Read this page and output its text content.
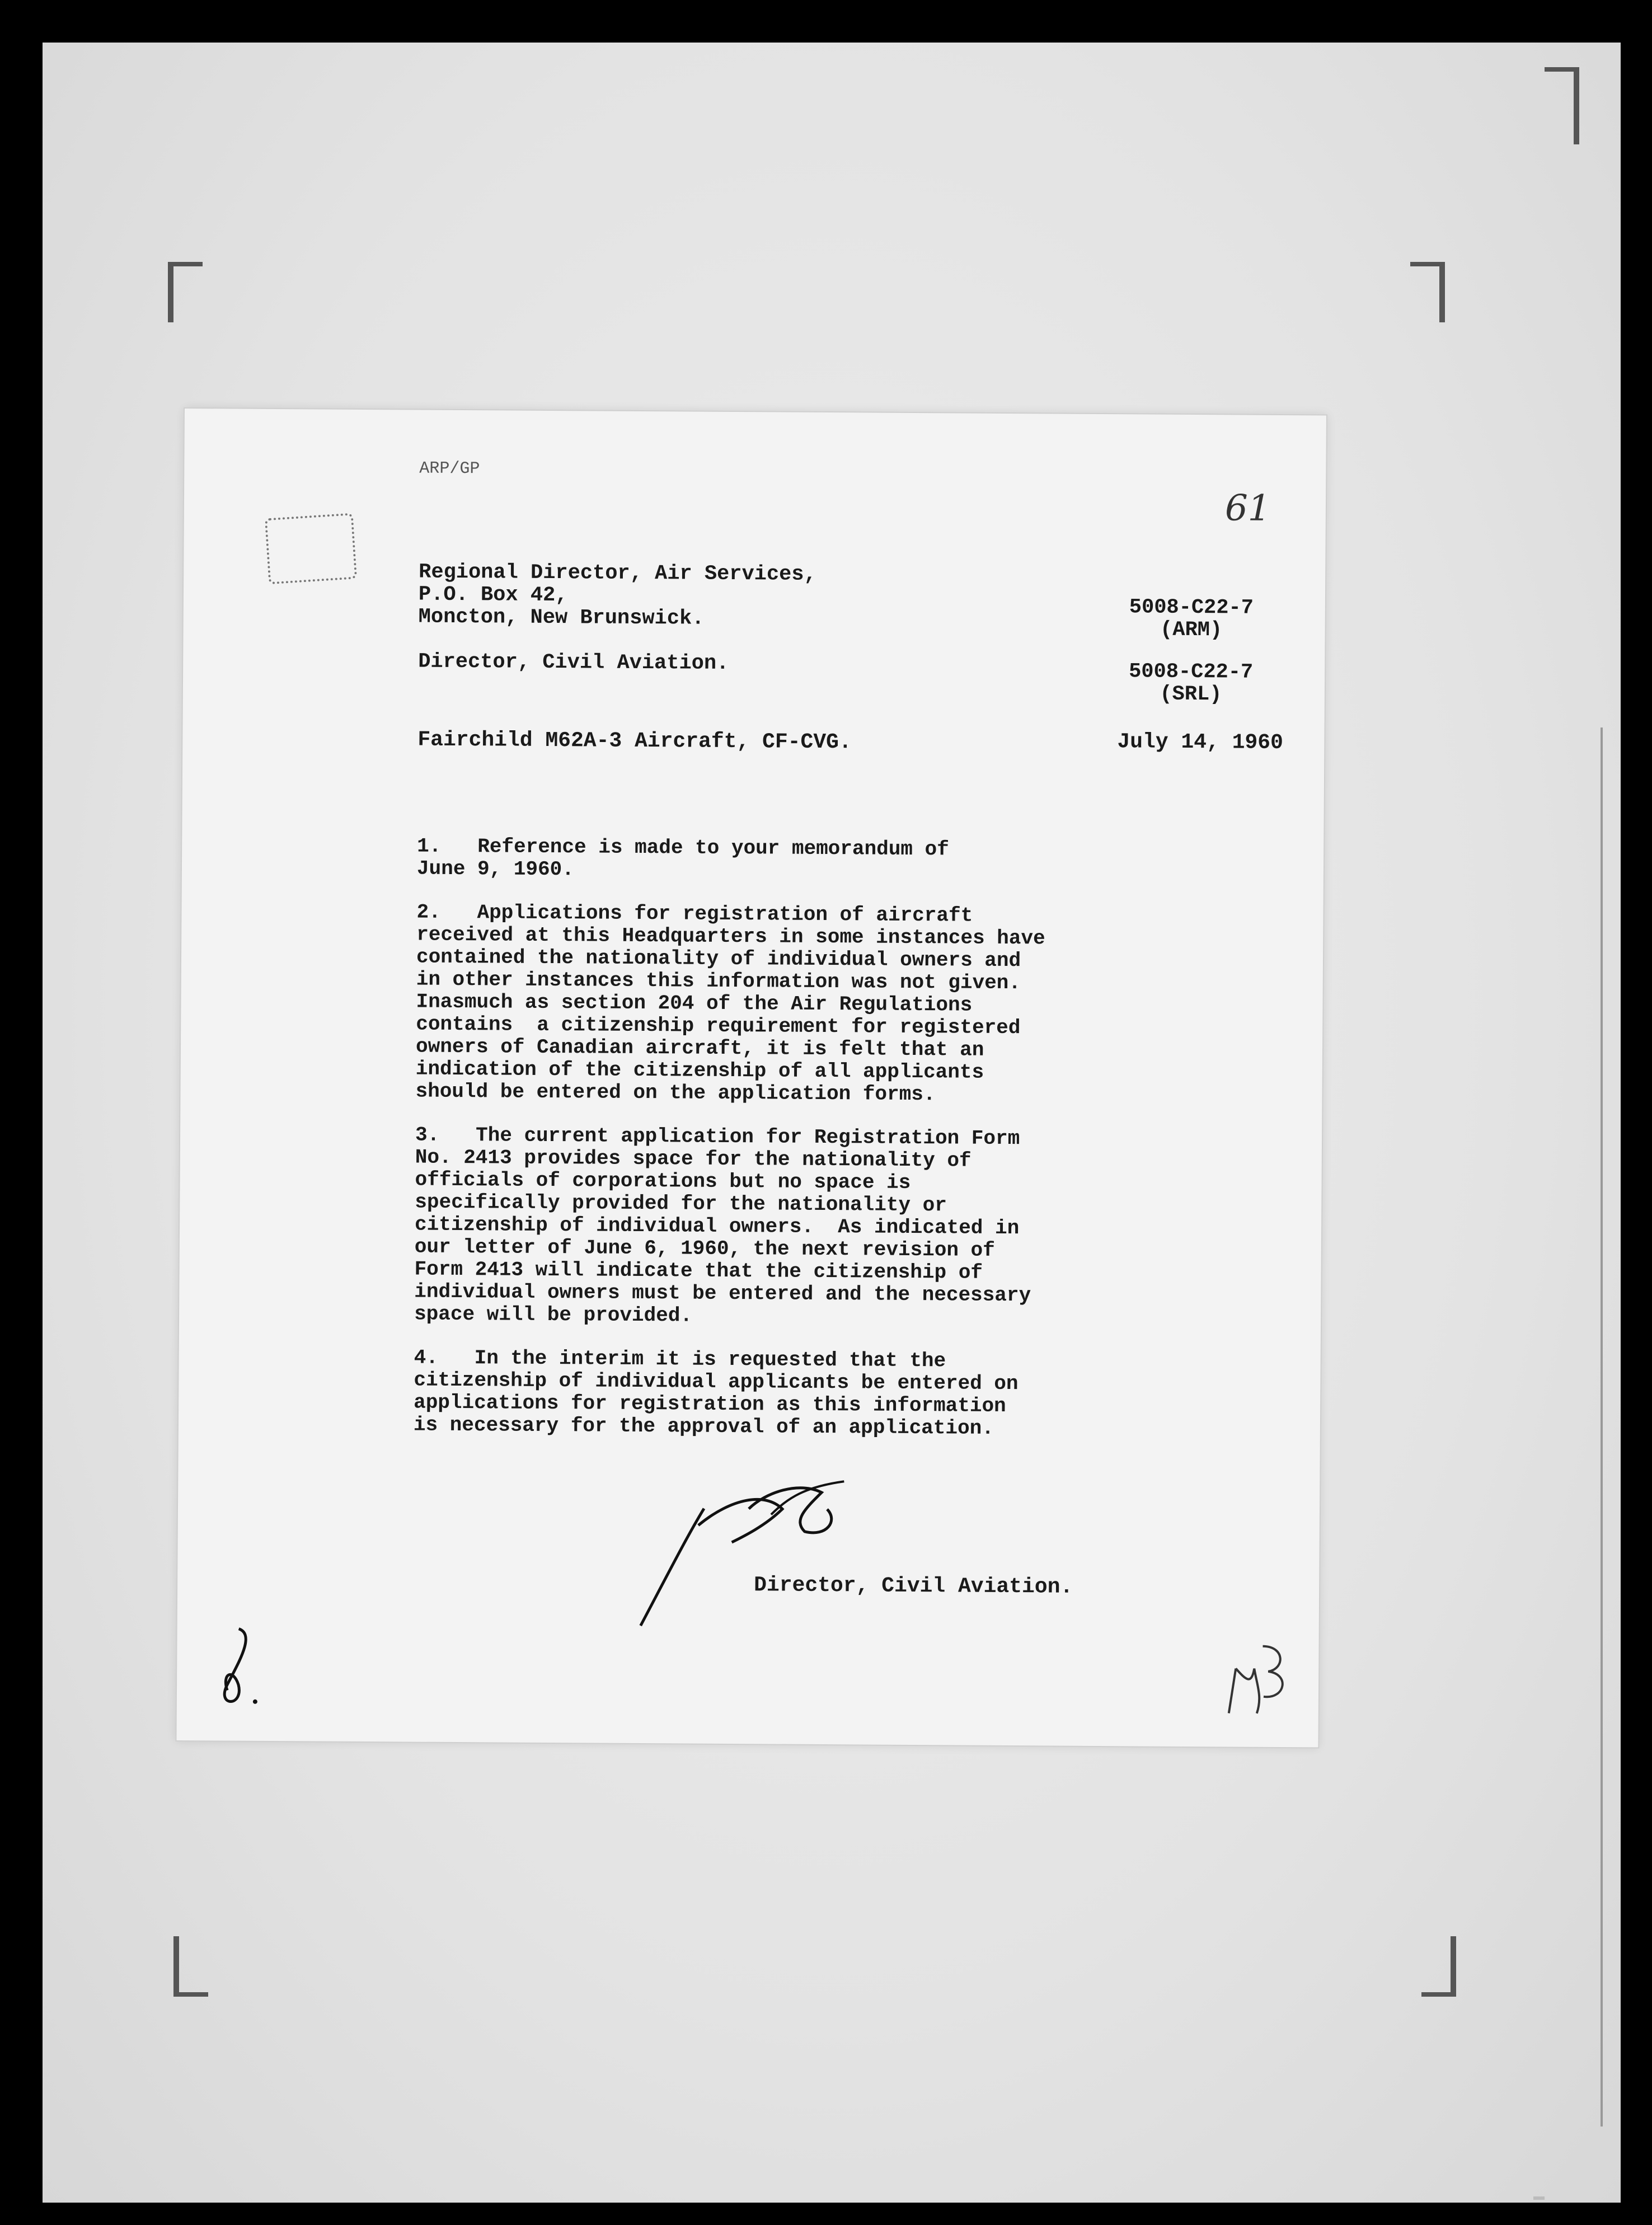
ARP/GP
61
Regional Director, Air Services,
P.O. Box 42,
Moncton, New Brunswick.

Director, Civil Aviation.
5008-C22-7
(ARM)
5008-C22-7
(SRL)
Fairchild M62A-3 Aircraft, CF-CVG.	July 14, 1960

1.   Reference is made to your memorandum of
June 9, 1960.

2.   Applications for registration of aircraft
received at this Headquarters in some instances have
contained the nationality of individual owners and
in other instances this information was not given.
Inasmuch as section 204 of the Air Regulations
contains  a citizenship requirement for registered
owners of Canadian aircraft, it is felt that an
indication of the citizenship of all applicants
should be entered on the application forms.

3.   The current application for Registration Form
No. 2413 provides space for the nationality of
officials of corporations but no space is
specifically provided for the nationality or
citizenship of individual owners.  As indicated in
our letter of June 6, 1960, the next revision of
Form 2413 will indicate that the citizenship of
individual owners must be entered and the necessary
space will be provided.

4.   In the interim it is requested that the
citizenship of individual applicants be entered on
applications for registration as this information
is necessary for the approval of an application.

Director, Civil Aviation.
